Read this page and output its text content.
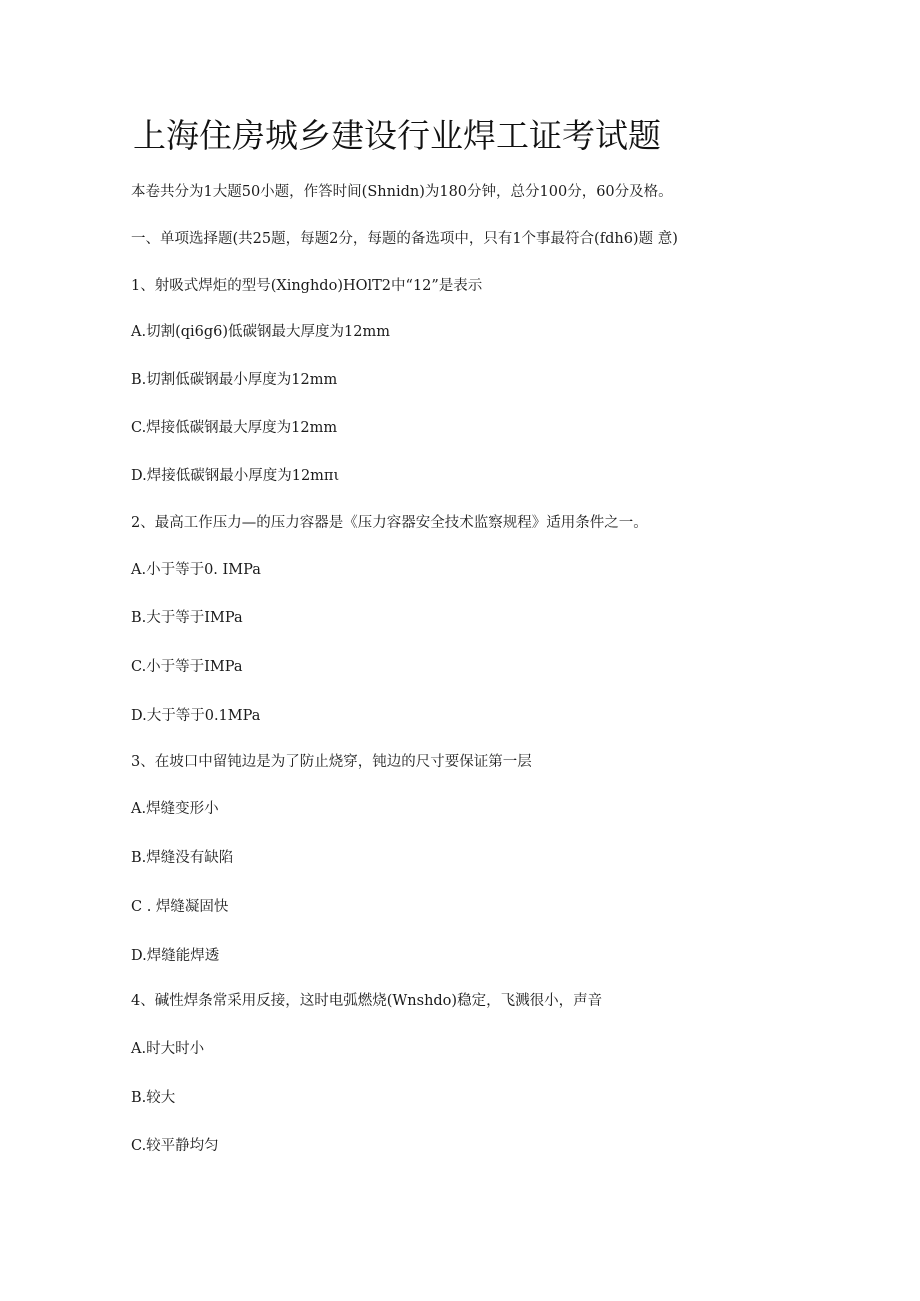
上海住房城乡建设行业焊工证考试题

本卷共分为1大题50小题，作答时间(Shnidn)为180分钟，总分100分，60分及格。

一、单项选择题(共25题，每题2分，每题的备选项中，只有1个事最符合(fdh6)题 意)

1、射吸式焊炬的型号(Xinghdo)HOlT2中“12”是表示

A.切割(qi6g6)低碳钢最大厚度为12mm

B.切割低碳钢最小厚度为12mm

C.焊接低碳钢最大厚度为12mm

D.焊接低碳钢最小厚度为12mπι

2、最高工作压力—的压力容器是《压力容器安全技术监察规程》适用条件之一。

A.小于等于0. IMPa

B.大于等于IMPa

C.小于等于IMPa

D.大于等于0.1MPa

3、在坡口中留钝边是为了防止烧穿，钝边的尺寸要保证第一层

A.焊缝变形小

B.焊缝没有缺陷

C . 焊缝凝固快

D.焊缝能焊透

4、碱性焊条常采用反接，这时电弧燃烧(Wnshdo)稳定，飞溅很小，声音

A.时大时小

B.较大

C.较平静均匀
